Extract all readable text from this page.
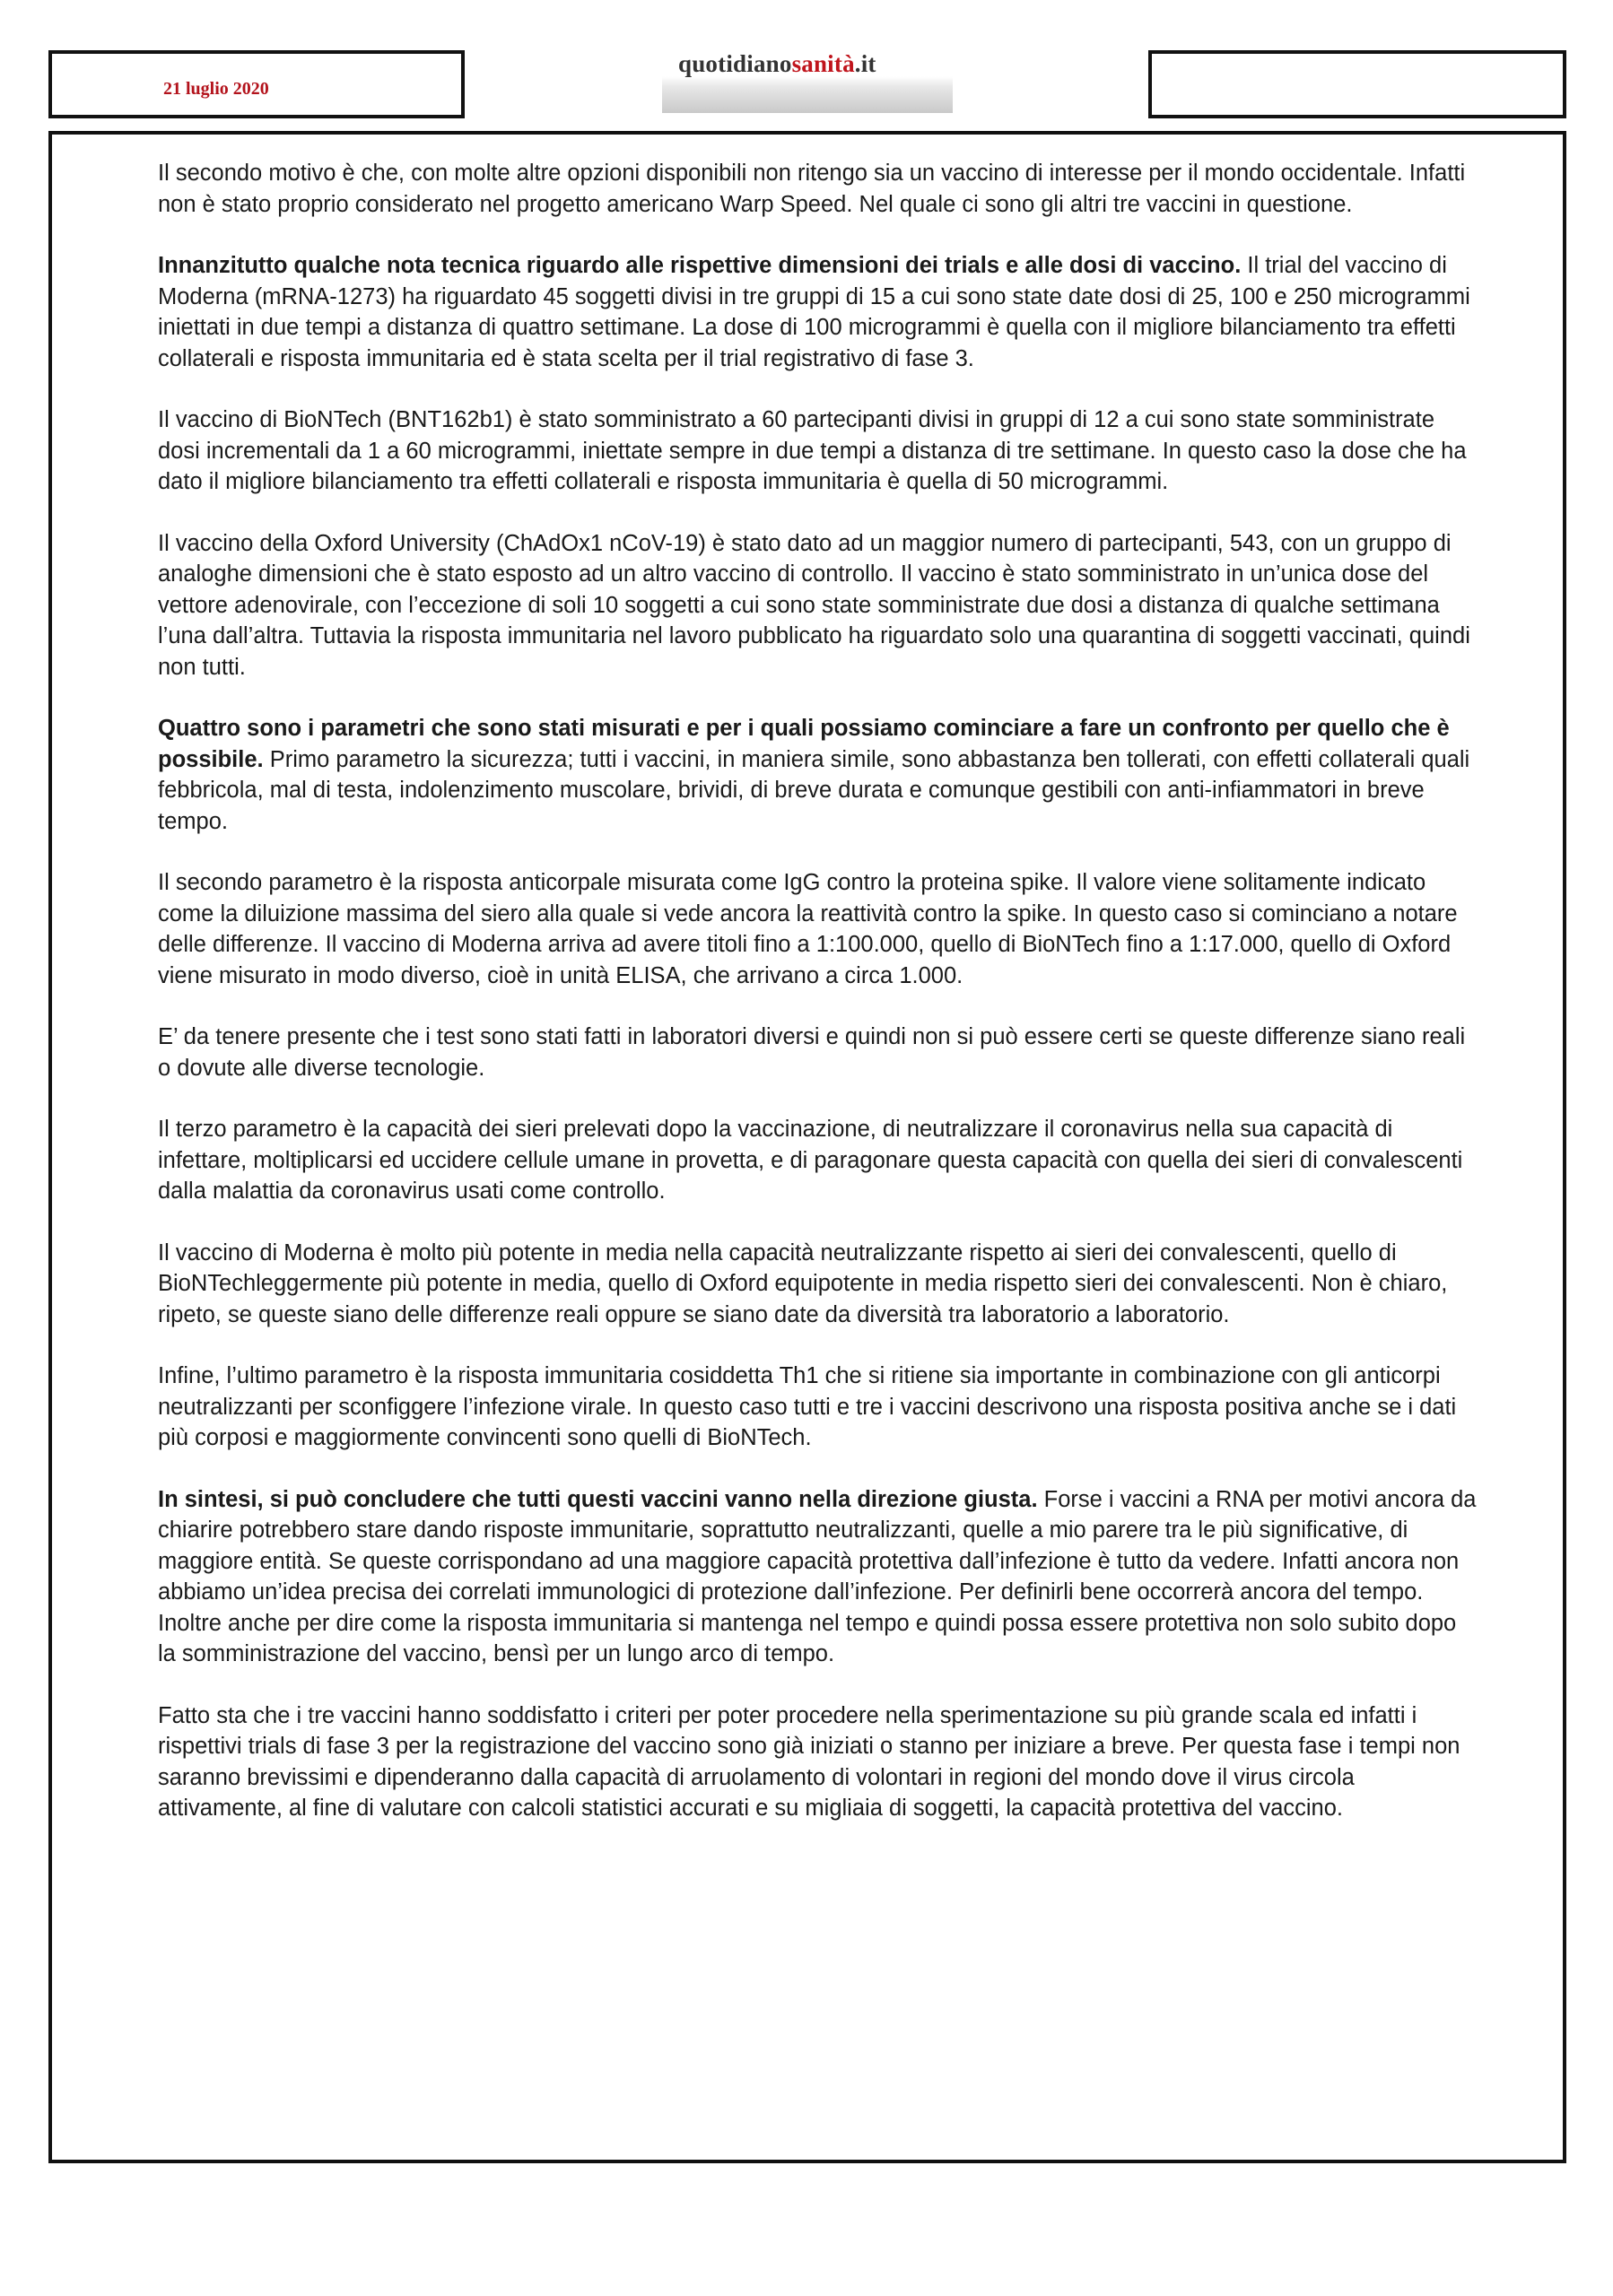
21 luglio 2020
quotidianosanità.it

Il secondo motivo è che, con molte altre opzioni disponibili non ritengo sia un vaccino di interesse per il mondo occidentale. Infatti non è stato proprio considerato nel progetto americano Warp Speed. Nel quale ci sono gli altri tre vaccini in questione.

Innanzitutto qualche nota tecnica riguardo alle rispettive dimensioni dei trials e alle dosi di vaccino. Il trial del vaccino di Moderna (mRNA-1273) ha riguardato 45 soggetti divisi in tre gruppi di 15 a cui sono state date dosi di 25, 100 e 250 microgrammi iniettati in due tempi a distanza di quattro settimane. La dose di 100 microgrammi è quella con il migliore bilanciamento tra effetti collaterali e risposta immunitaria ed è stata scelta per il trial registrativo di fase 3.

Il vaccino di BioNTech (BNT162b1) è stato somministrato a 60 partecipanti divisi in gruppi di 12 a cui sono state somministrate dosi incrementali da 1 a 60 microgrammi, iniettate sempre in due tempi a distanza di tre settimane. In questo caso la dose che ha dato il migliore bilanciamento tra effetti collaterali e risposta immunitaria è quella di 50 microgrammi.

Il vaccino della Oxford University (ChAdOx1 nCoV-19) è stato dato ad un maggior numero di partecipanti, 543, con un gruppo di analoghe dimensioni che è stato esposto ad un altro vaccino di controllo. Il vaccino è stato somministrato in un’unica dose del vettore adenovirale, con l’eccezione di soli 10 soggetti a cui sono state somministrate due dosi a distanza di qualche settimana l’una dall’altra. Tuttavia la risposta immunitaria nel lavoro pubblicato ha riguardato solo una quarantina di soggetti vaccinati, quindi non tutti.

Quattro sono i parametri che sono stati misurati e per i quali possiamo cominciare a fare un confronto per quello che è possibile. Primo parametro la sicurezza; tutti i vaccini, in maniera simile, sono abbastanza ben tollerati, con effetti collaterali quali febbricola, mal di testa, indolenzimento muscolare, brividi, di breve durata e comunque gestibili con anti-infiammatori in breve tempo.

Il secondo parametro è la risposta anticorpale misurata come IgG contro la proteina spike. Il valore viene solitamente indicato come la diluizione massima del siero alla quale si vede ancora la reattività contro la spike. In questo caso si cominciano a notare delle differenze. Il vaccino di Moderna arriva ad avere titoli fino a 1:100.000, quello di BioNTech fino a 1:17.000, quello di Oxford viene misurato in modo diverso, cioè in unità ELISA, che arrivano a circa 1.000.

E’ da tenere presente che i test sono stati fatti in laboratori diversi e quindi non si può essere certi se queste differenze siano reali o dovute alle diverse tecnologie.

Il terzo parametro è la capacità dei sieri prelevati dopo la vaccinazione, di neutralizzare il coronavirus nella sua capacità di infettare, moltiplicarsi ed uccidere cellule umane in provetta, e di paragonare questa capacità con quella dei sieri di convalescenti dalla malattia da coronavirus usati come controllo.

Il vaccino di Moderna è molto più potente in media nella capacità neutralizzante rispetto ai sieri dei convalescenti, quello di BioNTechleggermente più potente in media, quello di Oxford equipotente in media rispetto sieri dei convalescenti. Non è chiaro, ripeto, se queste siano delle differenze reali oppure se siano date da diversità tra laboratorio a laboratorio.

Infine, l’ultimo parametro è la risposta immunitaria cosiddetta Th1 che si ritiene sia importante in combinazione con gli anticorpi neutralizzanti per sconfiggere l’infezione virale. In questo caso tutti e tre i vaccini descrivono una risposta positiva anche se i dati più corposi e maggiormente convincenti sono quelli di BioNTech.

In sintesi, si può concludere che tutti questi vaccini vanno nella direzione giusta. Forse i vaccini a RNA per motivi ancora da chiarire potrebbero stare dando risposte immunitarie, soprattutto neutralizzanti, quelle a mio parere tra le più significative, di maggiore entità. Se queste corrispondano ad una maggiore capacità protettiva dall’infezione è tutto da vedere. Infatti ancora non abbiamo un’idea precisa dei correlati immunologici di protezione dall’infezione. Per definirli bene occorrerà ancora del tempo. Inoltre anche per dire come la risposta immunitaria si mantenga nel tempo e quindi possa essere protettiva non solo subito dopo la somministrazione del vaccino, bensì per un lungo arco di tempo.

Fatto sta che i tre vaccini hanno soddisfatto i criteri per poter procedere nella sperimentazione su più grande scala ed infatti i rispettivi trials di fase 3 per la registrazione del vaccino sono già iniziati o stanno per iniziare a breve. Per questa fase i tempi non saranno brevissimi e dipenderanno dalla capacità di arruolamento di volontari in regioni del mondo dove il virus circola attivamente, al fine di valutare con calcoli statistici accurati e su migliaia di soggetti, la capacità protettiva del vaccino.
